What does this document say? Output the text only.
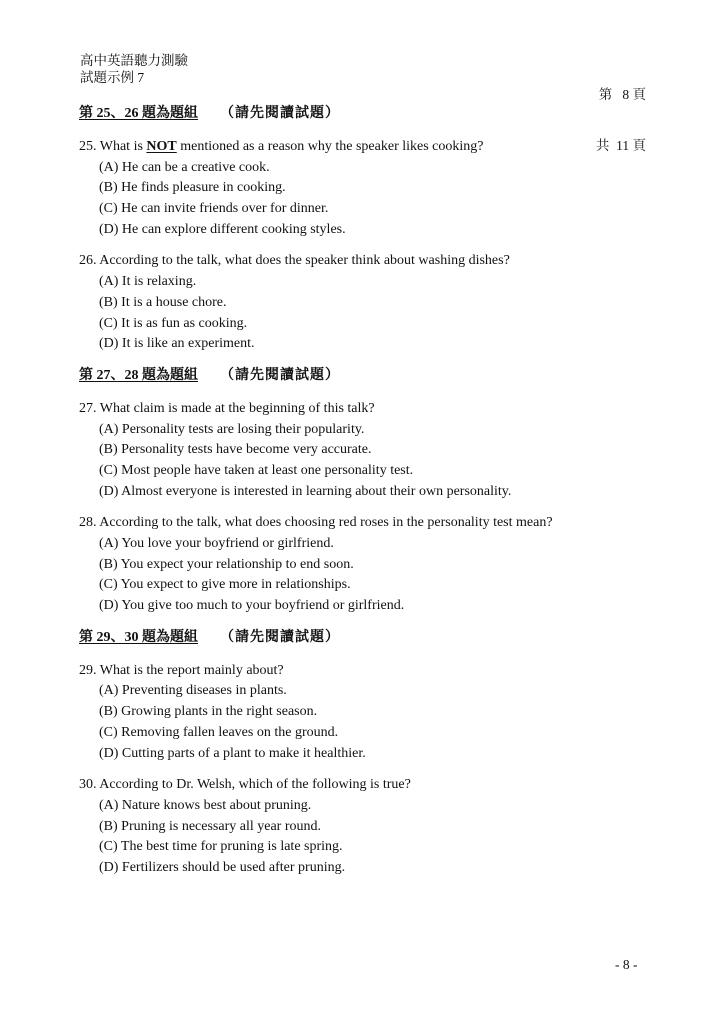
高中英語聽力測驗
試題示例 7

第   8 頁

共  11 頁

第 25、26 題為題組 （請先閱讀試題）
25. What is NOT mentioned as a reason why the speaker likes cooking?
(A) He can be a creative cook.
(B) He finds pleasure in cooking.
(C) He can invite friends over for dinner.
(D) He can explore different cooking styles.
26. According to the talk, what does the speaker think about washing dishes?
(A) It is relaxing.
(B) It is a house chore.
(C) It is as fun as cooking.
(D) It is like an experiment.
第 27、28 題為題組 （請先閱讀試題）
27. What claim is made at the beginning of this talk?
(A) Personality tests are losing their popularity.
(B) Personality tests have become very accurate.
(C) Most people have taken at least one personality test.
(D) Almost everyone is interested in learning about their own personality.
28. According to the talk, what does choosing red roses in the personality test mean?
(A) You love your boyfriend or girlfriend.
(B) You expect your relationship to end soon.
(C) You expect to give more in relationships.
(D) You give too much to your boyfriend or girlfriend.
第 29、30 題為題組 （請先閱讀試題）
29. What is the report mainly about?
(A) Preventing diseases in plants.
(B) Growing plants in the right season.
(C) Removing fallen leaves on the ground.
(D) Cutting parts of a plant to make it healthier.
30. According to Dr. Welsh, which of the following is true?
(A) Nature knows best about pruning.
(B) Pruning is necessary all year round.
(C) The best time for pruning is late spring.
(D) Fertilizers should be used after pruning.
- 8 -
